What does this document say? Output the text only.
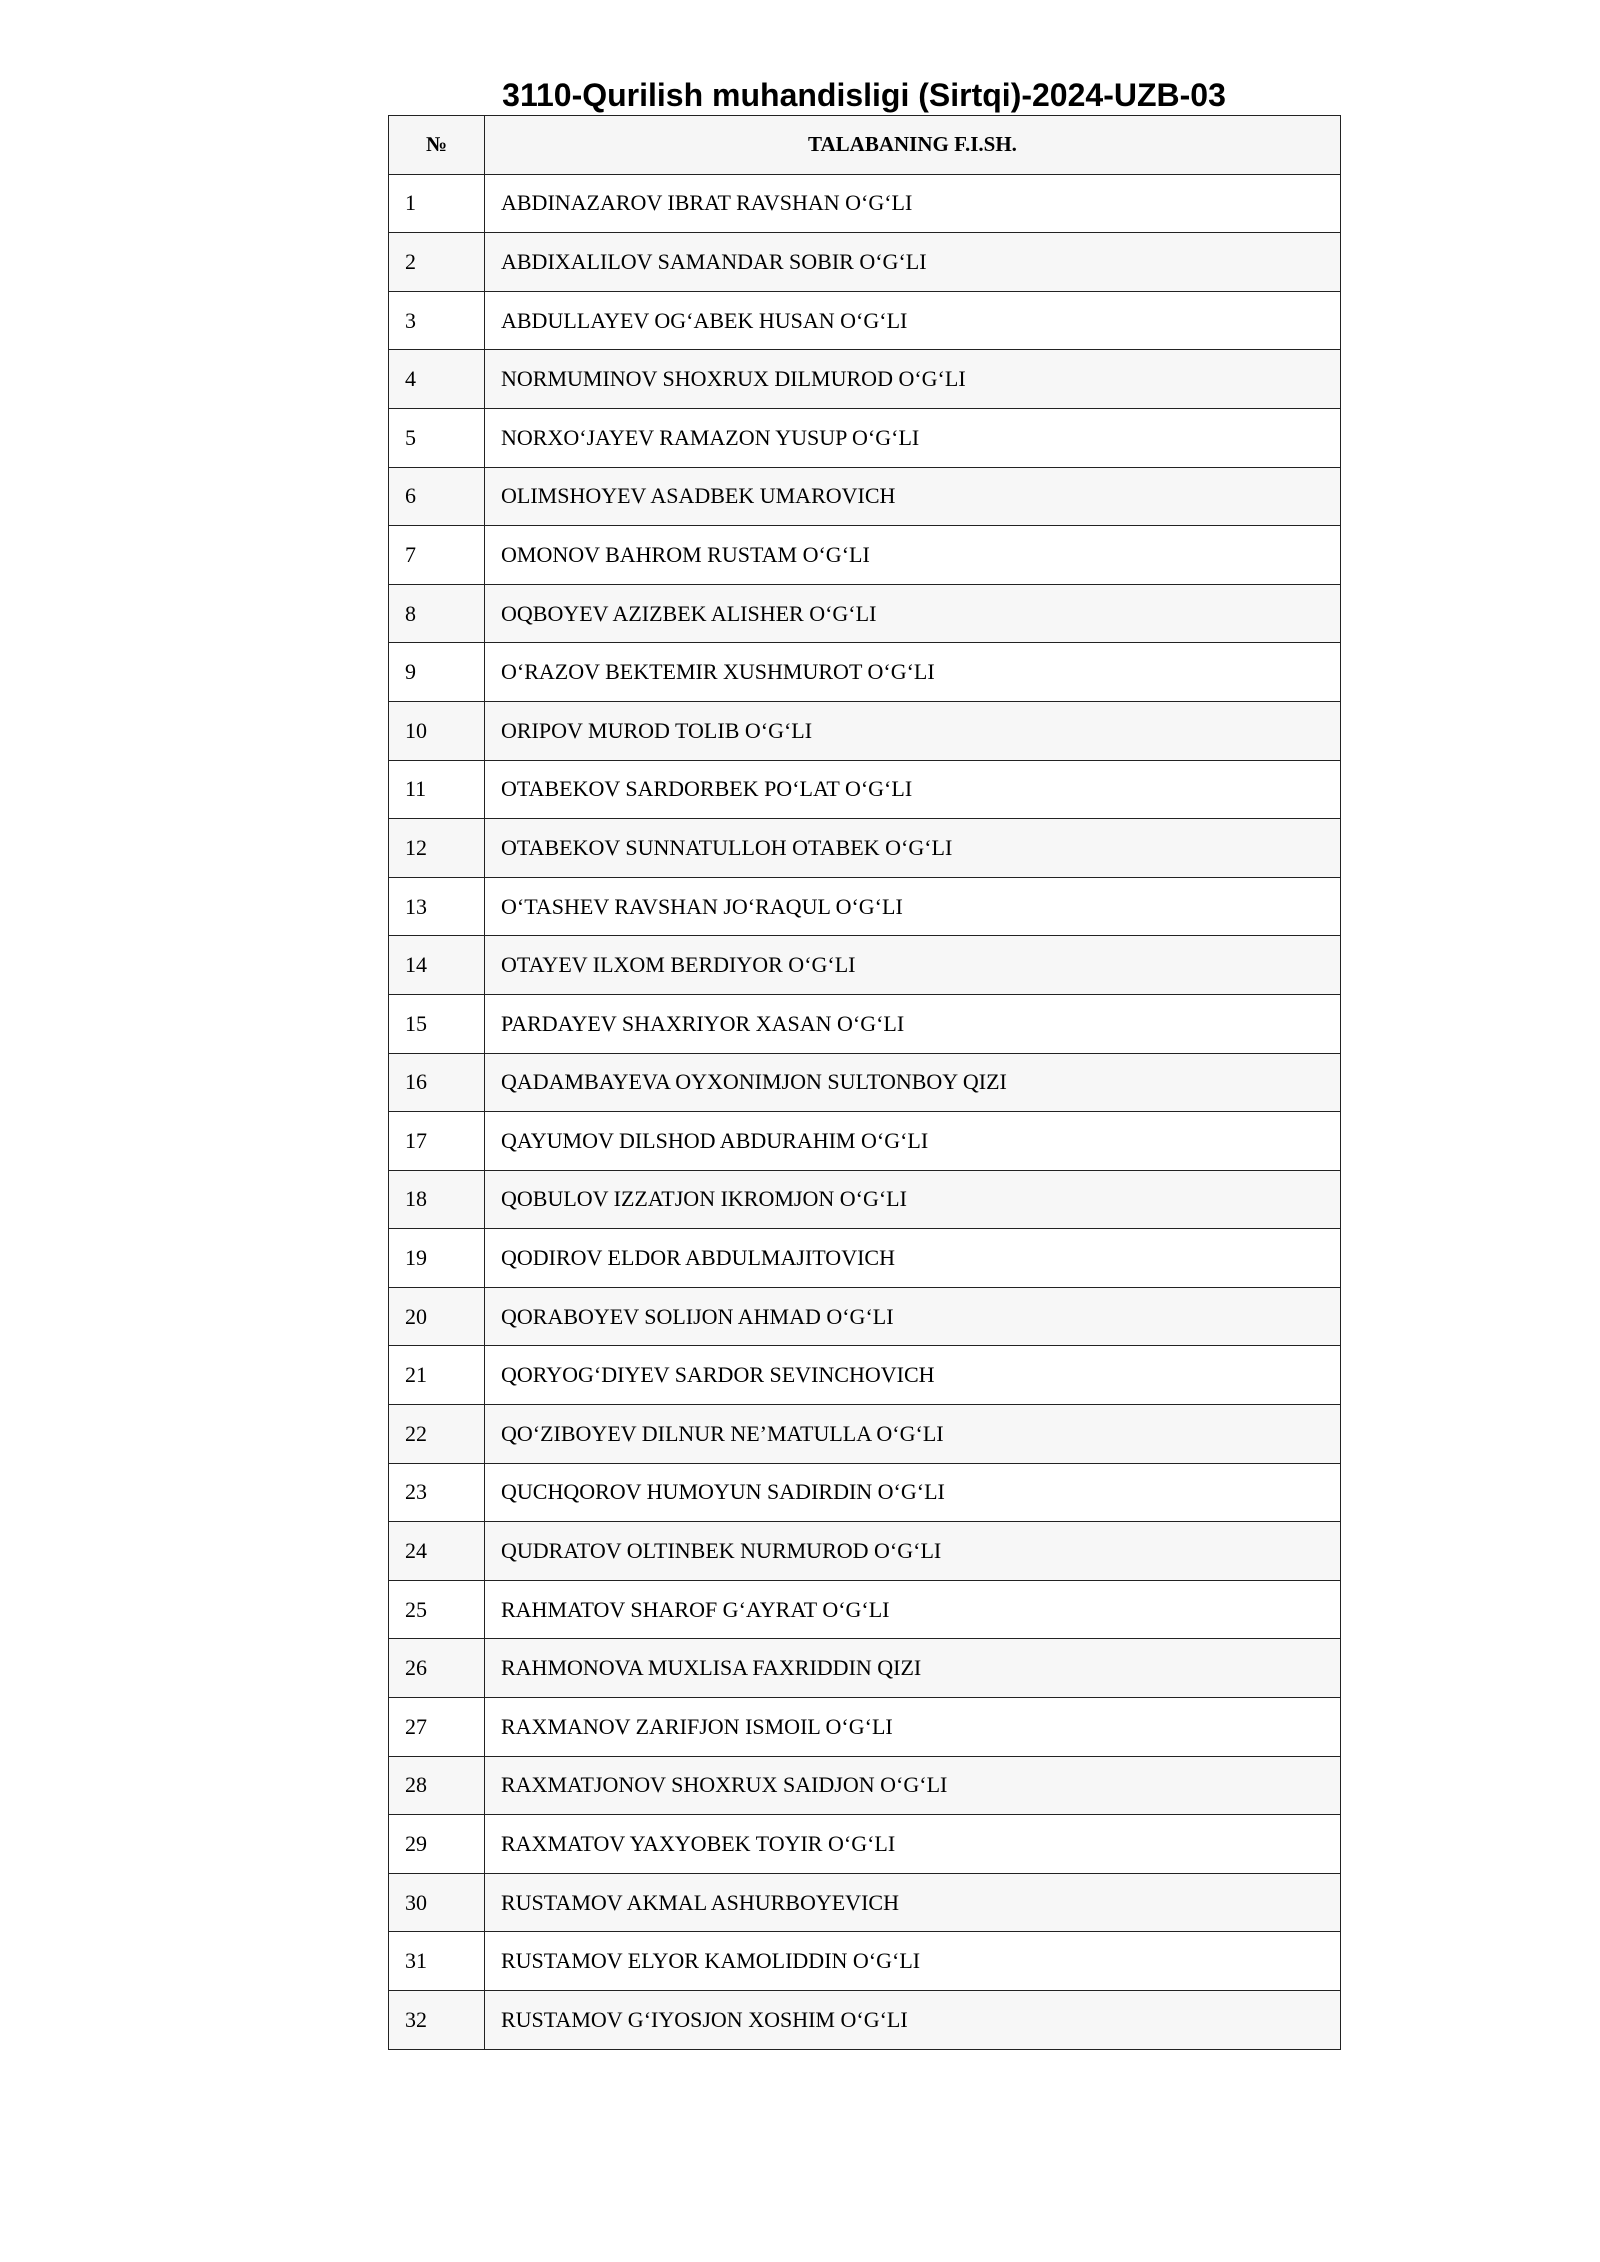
3110-Qurilish muhandisligi (Sirtqi)-2024-UZB-03
№	TALABANING F.I.SH.
1	ABDINAZAROV IBRAT RAVSHAN O‘G‘LI
2	ABDIXALILOV SAMANDAR SOBIR O‘G‘LI
3	ABDULLAYEV OG‘ABEK HUSAN O‘G‘LI
4	NORMUMINOV SHOXRUX DILMUROD O‘G‘LI
5	NORXO‘JAYEV RAMAZON YUSUP O‘G‘LI
6	OLIMSHOYEV ASADBEK UMAROVICH
7	OMONOV BAHROM RUSTAM O‘G‘LI
8	OQBOYEV AZIZBEK ALISHER O‘G‘LI
9	O‘RAZOV BEKTEMIR XUSHMUROT O‘G‘LI
10	ORIPOV MUROD TOLIB O‘G‘LI
11	OTABEKOV SARDORBEK PO‘LAT O‘G‘LI
12	OTABEKOV SUNNATULLOH OTABEK O‘G‘LI
13	O‘TASHEV RAVSHAN JO‘RAQUL O‘G‘LI
14	OTAYEV ILXOM BERDIYOR O‘G‘LI
15	PARDAYEV SHAXRIYOR XASAN O‘G‘LI
16	QADAMBAYEVA OYXONIMJON SULTONBOY QIZI
17	QAYUMOV DILSHOD ABDURAHIM O‘G‘LI
18	QOBULOV IZZATJON IKROMJON O‘G‘LI
19	QODIROV ELDOR ABDULMAJITOVICH
20	QORABOYEV SOLIJON AHMAD O‘G‘LI
21	QORYOG‘DIYEV SARDOR SEVINCHOVICH
22	QO‘ZIBOYEV DILNUR NE’MATULLA O‘G‘LI
23	QUCHQOROV HUMOYUN SADIRDIN O‘G‘LI
24	QUDRATOV OLTINBEK NURMUROD O‘G‘LI
25	RAHMATOV SHAROF G‘AYRAT O‘G‘LI
26	RAHMONOVA MUXLISA FAXRIDDIN QIZI
27	RAXMANOV ZARIFJON ISMOIL O‘G‘LI
28	RAXMATJONOV SHOXRUX SAIDJON O‘G‘LI
29	RAXMATOV YAXYOBEK TOYIR O‘G‘LI
30	RUSTAMOV AKMAL ASHURBOYEVICH
31	RUSTAMOV ELYOR KAMOLIDDIN O‘G‘LI
32	RUSTAMOV G‘IYOSJON XOSHIM O‘G‘LI
